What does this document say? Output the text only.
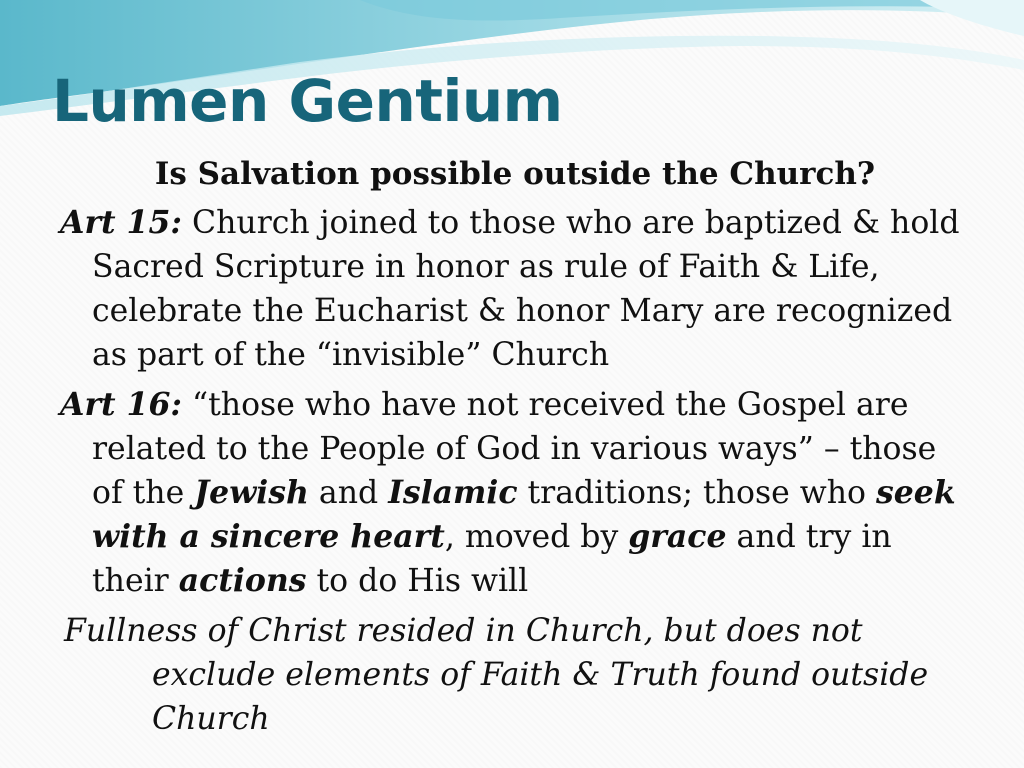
Lumen Gentium
Is Salvation possible outside the Church?

Art 15: Church joined to those who are baptized & hold Sacred Scripture in honor as rule of Faith & Life, celebrate the Eucharist & honor Mary are recognized as part of the “invisible” Church

Art 16: “those who have not received the Gospel are related to the People of God in various ways” – those of the Jewish and Islamic traditions; those who seek with a sincere heart, moved by grace and try in their actions to do His will

Fullness of Christ resided in Church, but does not exclude elements of Faith & Truth found outside Church
